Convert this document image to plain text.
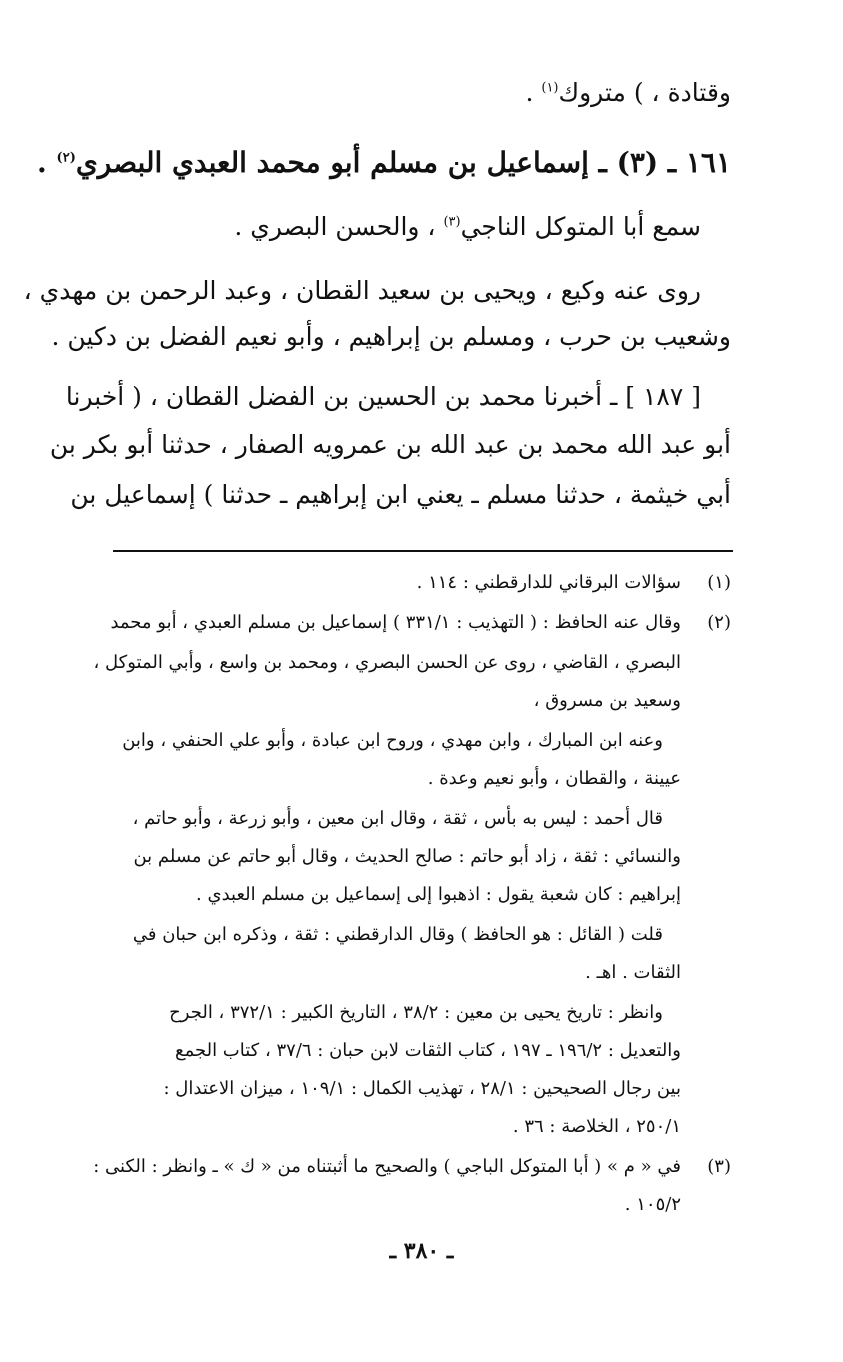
وقتادة ، ) متروك$^{(١)}$ .
١٦١ ـ (٣) ـ إسماعيل بن مسلم أبو محمد العبدي البصري$^{(٢)}$ .
سمع أبا المتوكل الناجي$^{(٣)}$ ، والحسن البصري .
روى عنه وكيع ، ويحيى بن سعيد القطان ، وعبد الرحمن بن مهدي ،
وشعيب بن حرب ، ومسلم بن إبراهيم ، وأبو نعيم الفضل بن دكين .
[ ١٨٧ ] ـ أخبرنا محمد بن الحسين بن الفضل القطان ، ( أخبرنا
أبو عبد الله محمد بن عبد الله بن عمرويه الصفار ، حدثنا أبو بكر بن
أبي خيثمة ، حدثنا مسلم ـ يعني ابن إبراهيم ـ حدثنا ) إسماعيل بن
(١)
سؤالات البرقاني للدارقطني : ١١٤ .
(٢)
وقال عنه الحافظ : ( التهذيب : ٣٣١/١ ) إسماعيل بن مسلم العبدي ، أبو محمد
البصري ، القاضي ، روى عن الحسن البصري ، ومحمد بن واسع ، وأبي المتوكل ،
وسعيد بن مسروق ،
وعنه ابن المبارك ، وابن مهدي ، وروح ابن عبادة ، وأبو علي الحنفي ، وابن
عيينة ، والقطان ، وأبو نعيم وعدة .
قال أحمد : ليس به بأس ، ثقة ، وقال ابن معين ، وأبو زرعة ، وأبو حاتم ،
والنسائي : ثقة ، زاد أبو حاتم : صالح الحديث ، وقال أبو حاتم عن مسلم بن
إبراهيم : كان شعبة يقول : اذهبوا إلى إسماعيل بن مسلم العبدي .
قلت ( القائل : هو الحافظ ) وقال الدارقطني : ثقة ، وذكره ابن حبان في
الثقات . اهـ .
وانظر : تاريخ يحيى بن معين : ٣٨/٢ ، التاريخ الكبير : ٣٧٢/١ ، الجرح
والتعديل : ١٩٦/٢ ـ ١٩٧ ، كتاب الثقات لابن حبان : ٣٧/٦ ، كتاب الجمع
بين رجال الصحيحين : ٢٨/١ ، تهذيب الكمال : ١٠٩/١ ، ميزان الاعتدال :
٢٥٠/١ ، الخلاصة : ٣٦ .
(٣)
في « م » ( أبا المتوكل الباجي ) والصحيح ما أثبتناه من « ك » ـ وانظر : الكنى :
١٠٥/٢ .
ـ ٣٨٠ ـ
